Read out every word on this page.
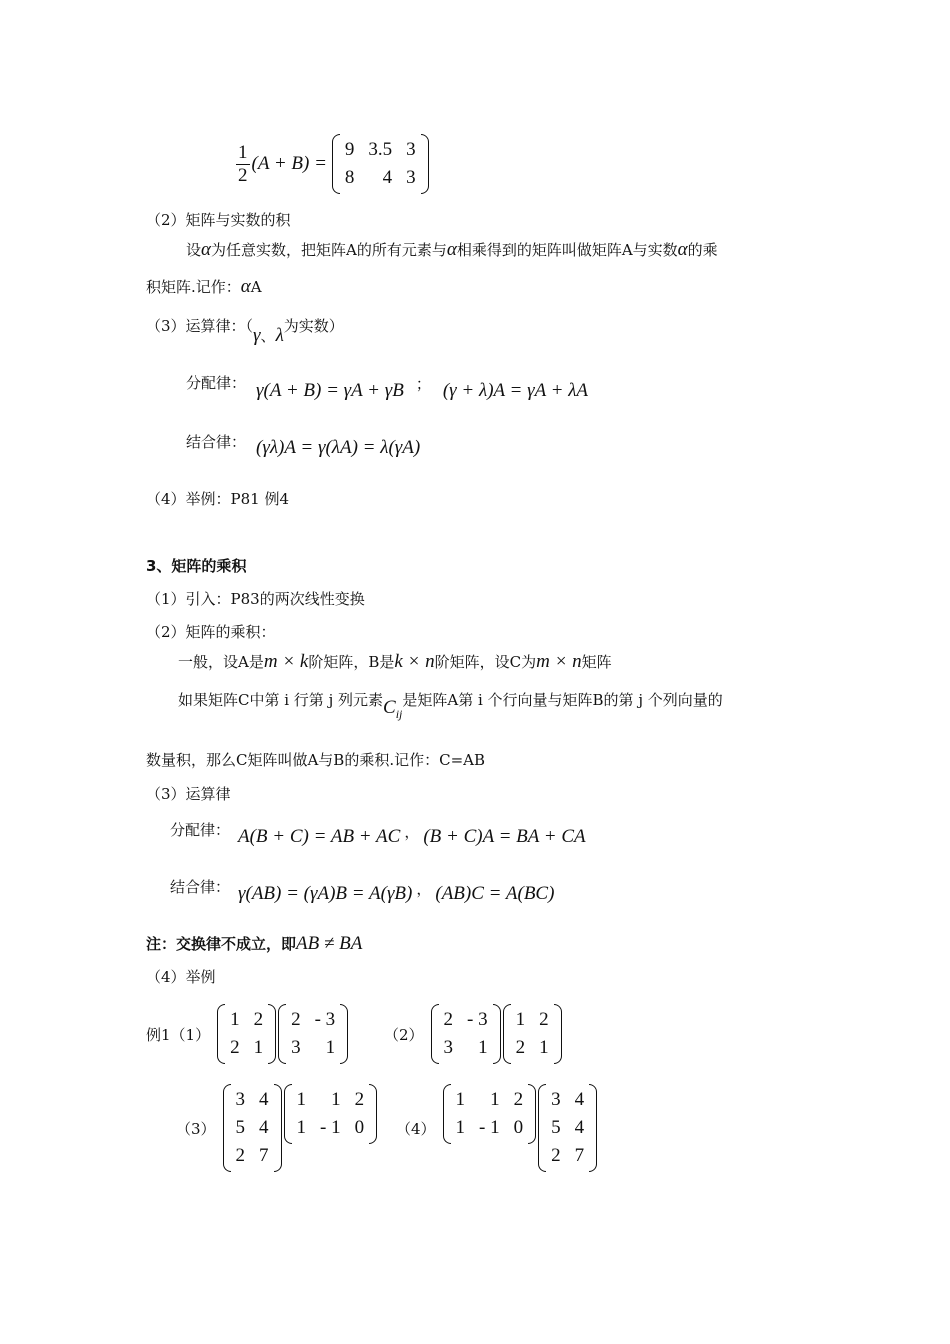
$\frac{1}{2} (A + B)$ =
9 3.5 3
8	4 3
（2）矩阵与实数的积
设α为任意实数，把矩阵A的所有元素与α相乘得到的矩阵叫做矩阵A与实数α的乘
积矩阵.记作：αA
（3）运算律：（γ、λ为实数）
分配律： γ(A + B) = γA + γB ； (γ + λ)A = γA + λA
结合律： (γλ)A = γ(λA) = λ(γA)
（4）举例：P81 例4
3、矩阵的乘积
（1）引入：P83的两次线性变换
（2）矩阵的乘积：
一般，设A是m × k阶矩阵，B是k × n阶矩阵，设C为m × n矩阵
如果矩阵C中第 i 行第 j 列元素$C_{ij}$是矩阵A第 i 个行向量与矩阵B的第 j 个列向量的
数量积，那么C矩阵叫做A与B的乘积.记作：C=AB
（3）运算律
分配律： A(B + C) = AB + AC ， (B + C)A = BA + CA
结合律： γ(AB) = (γA)B = A(γB) ， (AB)C = A(BC)
注：交换律不成立，即AB ≠ BA
（4）举例
例1（1）
1 2
2 1
2 - 3
3	1
（2）
2 - 3
3	1
1 2
2 1
（3）
3 4
5 4
2 7
1	1 2
1 - 1 0 （4）
1	1 2
1 - 1 0
3 4
5 4
2 7
